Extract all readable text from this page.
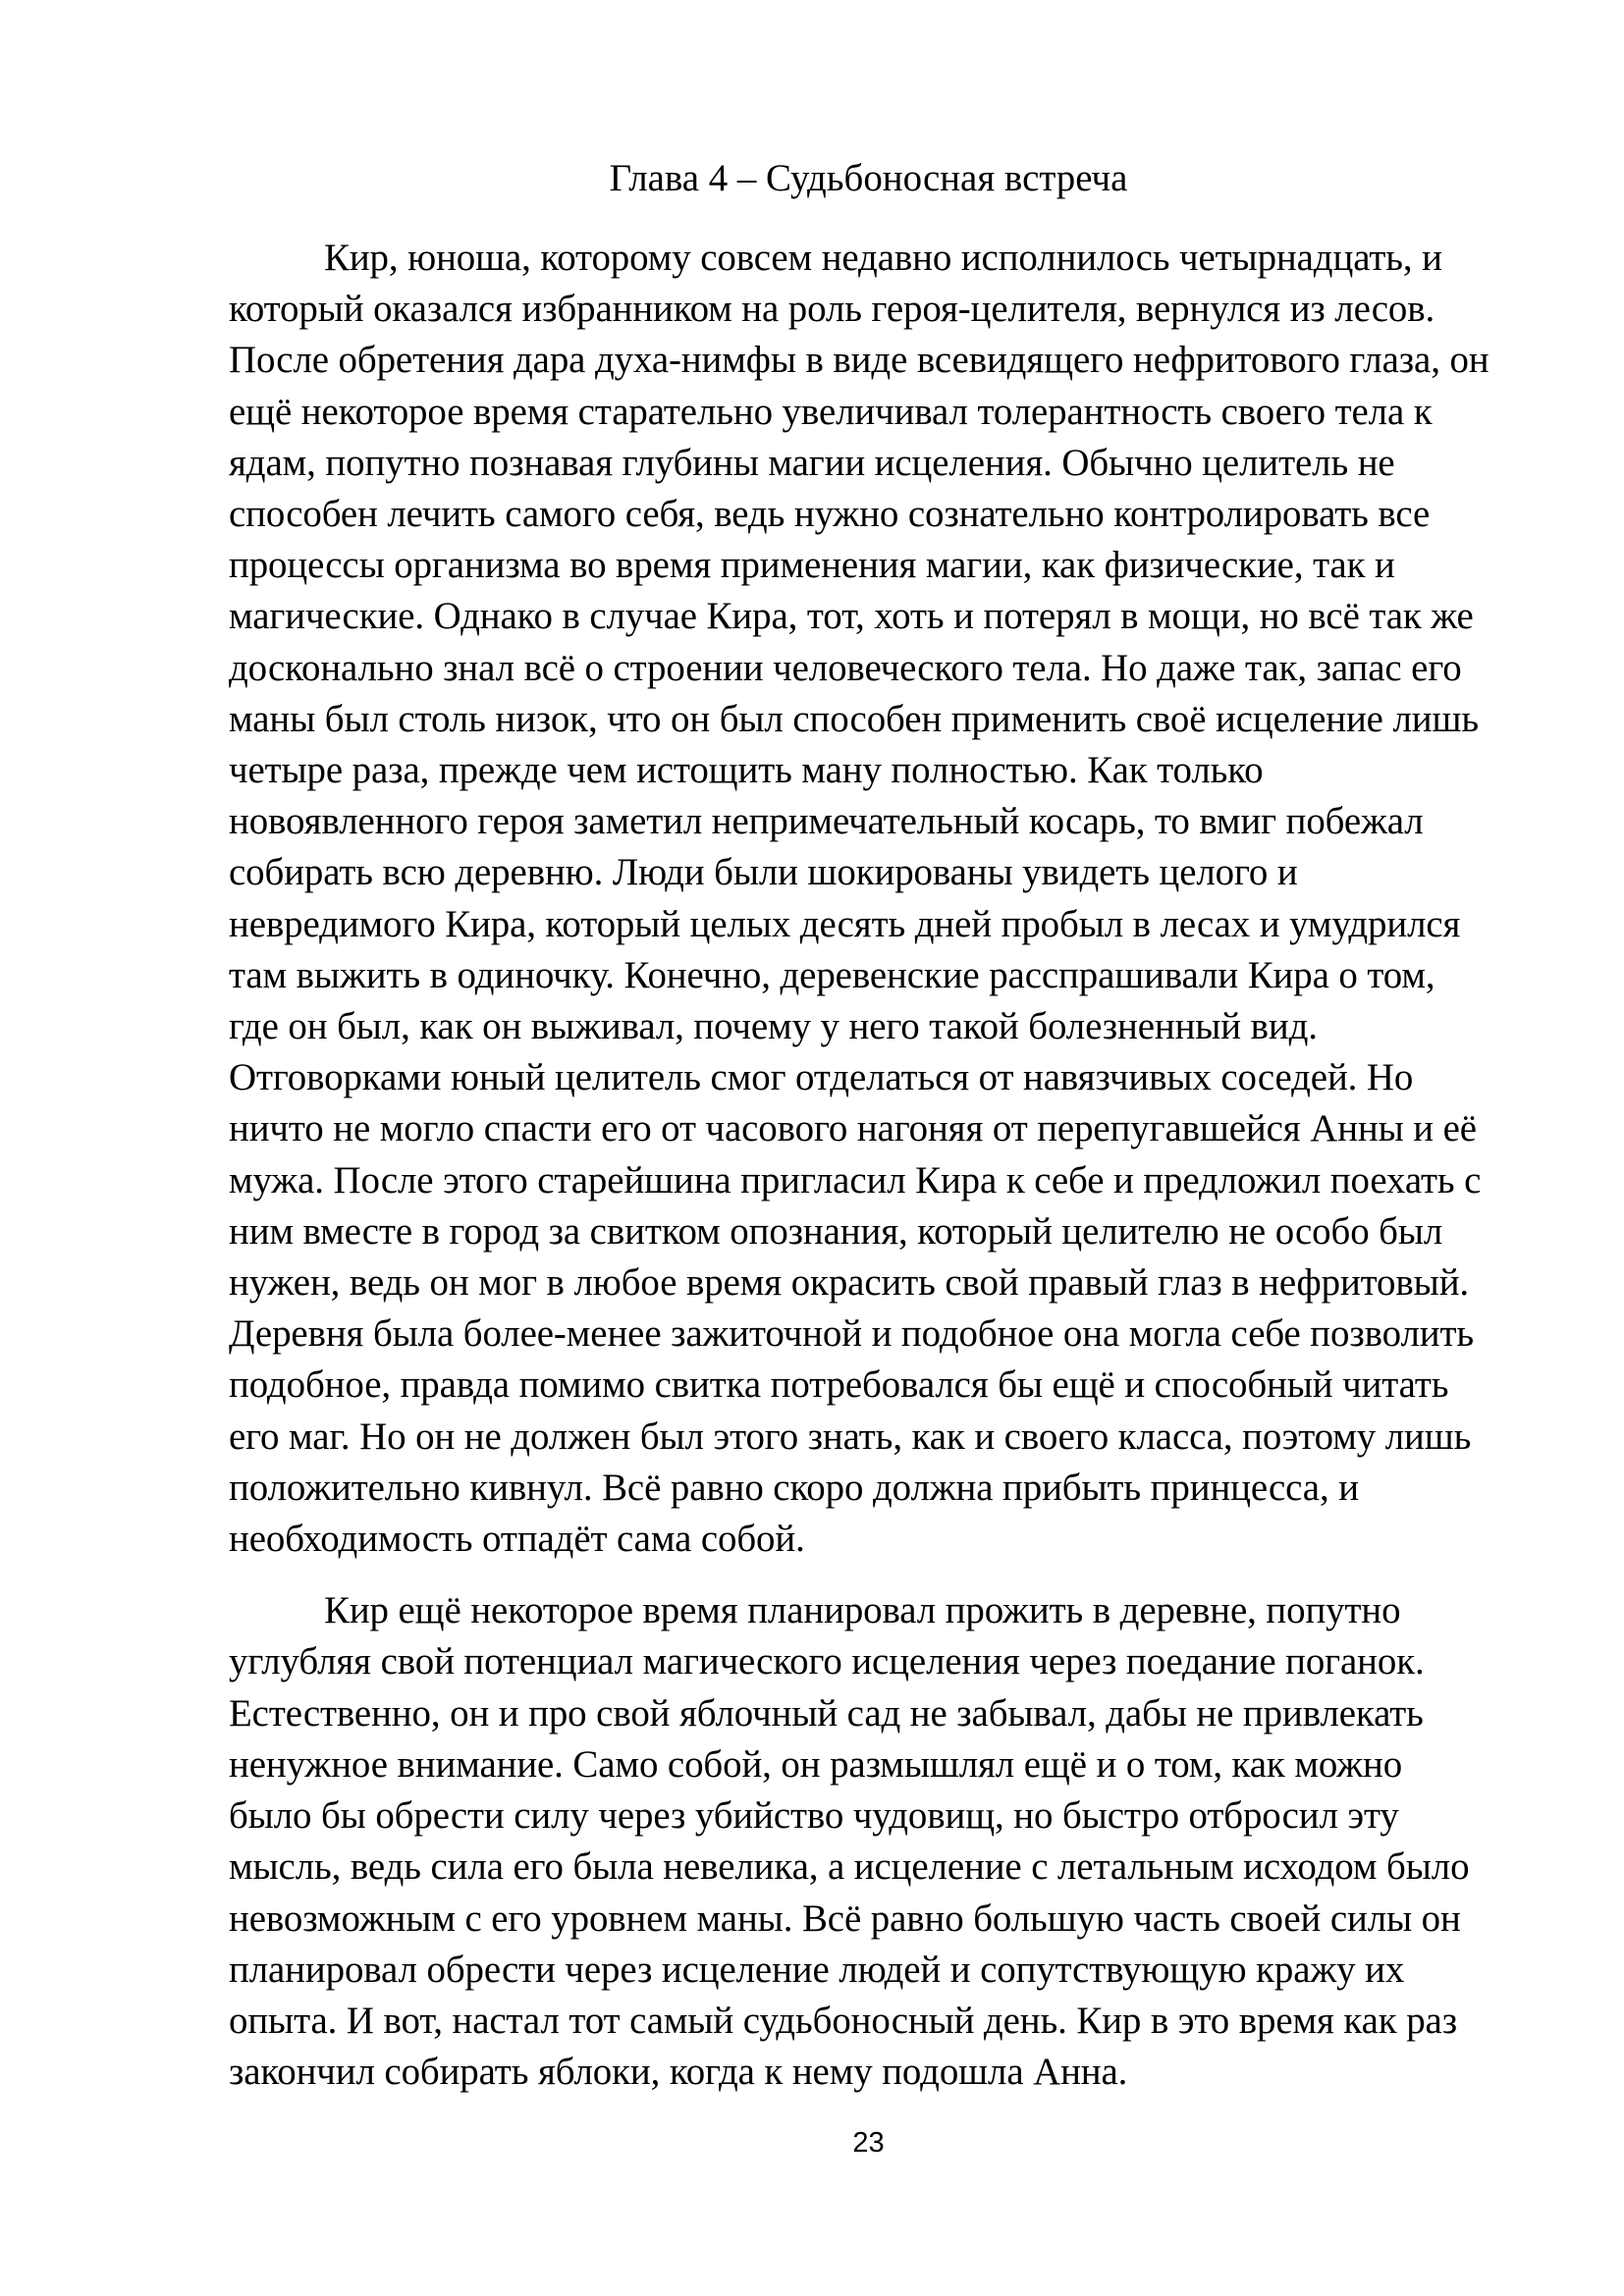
Глава 4 – Судьбоносная встреча
Кир, юноша, которому совсем недавно исполнилось четырнадцать, и
который оказался избранником на роль героя-целителя, вернулся из лесов.
После обретения дара духа-нимфы в виде всевидящего нефритового глаза, он
ещё некоторое время старательно увеличивал толерантность своего тела к
ядам, попутно познавая глубины магии исцеления. Обычно целитель не
способен лечить самого себя, ведь нужно сознательно контролировать все
процессы организма во время применения магии, как физические, так и
магические. Однако в случае Кира, тот, хоть и потерял в мощи, но всё так же
досконально знал всё о строении человеческого тела. Но даже так, запас его
маны был столь низок, что он был способен применить своё исцеление лишь
четыре раза, прежде чем истощить ману полностью. Как только
новоявленного героя заметил непримечательный косарь, то вмиг побежал
собирать всю деревню. Люди были шокированы увидеть целого и
невредимого Кира, который целых десять дней пробыл в лесах и умудрился
там выжить в одиночку. Конечно, деревенские расспрашивали Кира о том,
где он был, как он выживал, почему у него такой болезненный вид.
Отговорками юный целитель смог отделаться от навязчивых соседей. Но
ничто не могло спасти его от часового нагоняя от перепугавшейся Анны и её
мужа. После этого старейшина пригласил Кира к себе и предложил поехать с
ним вместе в город за свитком опознания, который целителю не особо был
нужен, ведь он мог в любое время окрасить свой правый глаз в нефритовый.
Деревня была более-менее зажиточной и подобное она могла себе позволить
подобное, правда помимо свитка потребовался бы ещё и способный читать
его маг. Но он не должен был этого знать, как и своего класса, поэтому лишь
положительно кивнул. Всё равно скоро должна прибыть принцесса, и
необходимость отпадёт сама собой.
Кир ещё некоторое время планировал прожить в деревне, попутно
углубляя свой потенциал магического исцеления через поедание поганок.
Естественно, он и про свой яблочный сад не забывал, дабы не привлекать
ненужное внимание. Само собой, он размышлял ещё и о том, как можно
было бы обрести силу через убийство чудовищ, но быстро отбросил эту
мысль, ведь сила его была невелика, а исцеление с летальным исходом было
невозможным с его уровнем маны. Всё равно большую часть своей силы он
планировал обрести через исцеление людей и сопутствующую кражу их
опыта. И вот, настал тот самый судьбоносный день. Кир в это время как раз
закончил собирать яблоки, когда к нему подошла Анна.
23
